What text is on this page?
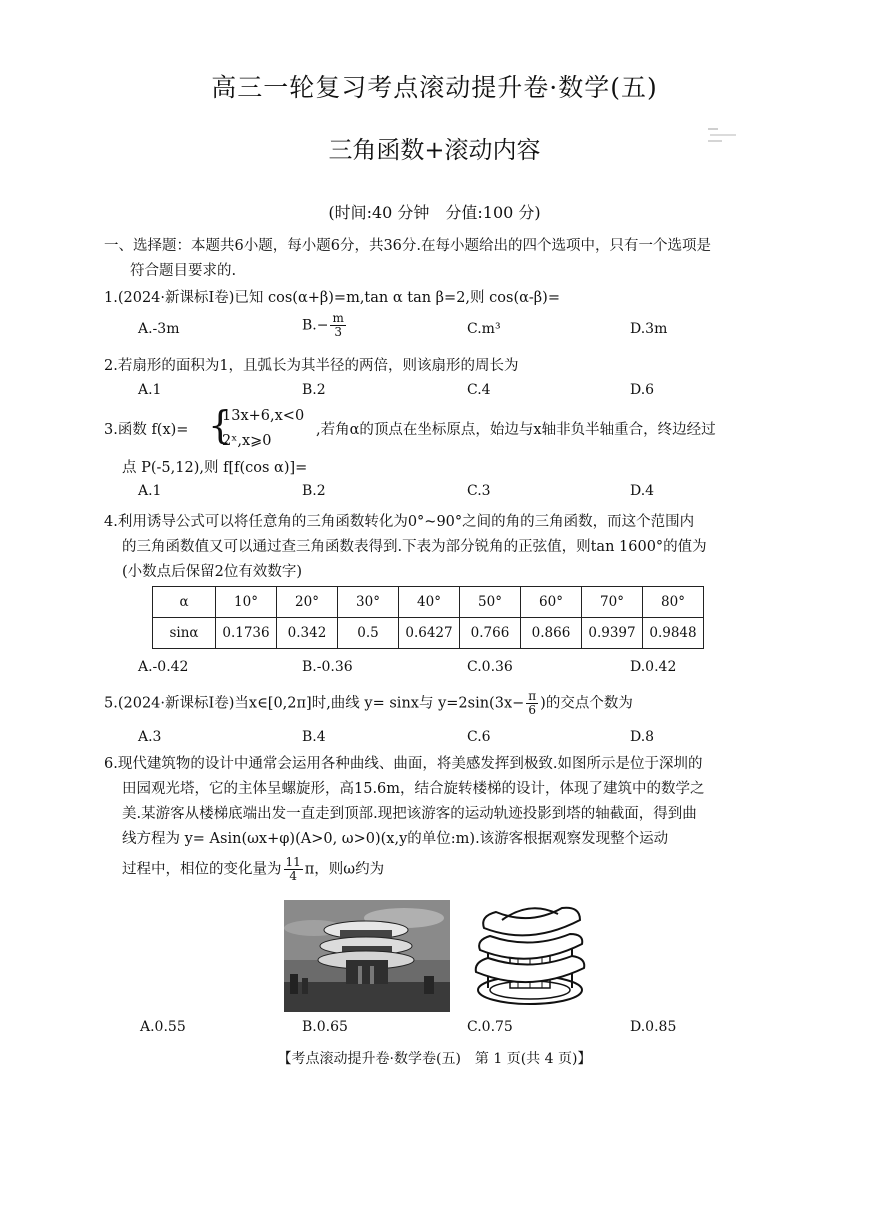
高三一轮复习考点滚动提升卷·数学(五)
三角函数+滚动内容
(时间:40 分钟　分值:100 分)
一、选择题：本题共6小题，每小题6分，共36分.在每小题给出的四个选项中，只有一个选项是
符合题目要求的.
1.(2024·新课标Ⅰ卷)已知 cos(α+β)=m,tan α tan β=2,则 cos(α-β)=
A.-3m	$B.- \frac{m}{3}$	C.m³	D.3m
2.若扇形的面积为1，且弧长为其半径的两倍，则该扇形的周长为
A.1	B.2	C.4	D.6
3.函数 f(x)= {
13x+6,x<0
2ˣ,x⩾0
,若角α的顶点在坐标原点，始边与x轴非负半轴重合，终边经过
点 P(-5,12),则 f[f(cos α)]=
A.1	B.2	C.3	D.4
4.利用诱导公式可以将任意角的三角函数转化为0°~90°之间的角的三角函数，而这个范围内
的三角函数值又可以通过查三角函数表得到.下表为部分锐角的正弦值，则tan 1600°的值为
(小数点后保留2位有效数字)
α	10°	20°	30°	40°	50°	60°	70°	80°
sinα	0.1736	0.342	0.5	0.6427	0.766	0.866	0.9397	0.9848
A.-0.42	B.-0.36	C.0.36	D.0.42
5.(2024·新课标Ⅰ卷)当x∈[0,2π]时,曲线 y= sinx与 $y=2\sin(3x- \frac{\pi}{6}$ )的交点个数为
A.3	B.4	C.6	D.8
6.现代建筑物的设计中通常会运用各种曲线、曲面，将美感发挥到极致.如图所示是位于深圳的
田园观光塔，它的主体呈螺旋形，高15.6m，结合旋转楼梯的设计，体现了建筑中的数学之
美.某游客从楼梯底端出发一直走到顶部.现把该游客的运动轨迹投影到塔的轴截面，得到曲
线方程为 y= Asin(ωx+φ)(A>0, ω>0)(x,y的单位:m).该游客根据观察发现整个运动
过程中，相位的变化量为 $\frac{11}{4}$ π，则ω约为
A.0.55	B.0.65	C.0.75	D.0.85
【考点滚动提升卷·数学卷(五)　第 1 页(共 4 页)】
